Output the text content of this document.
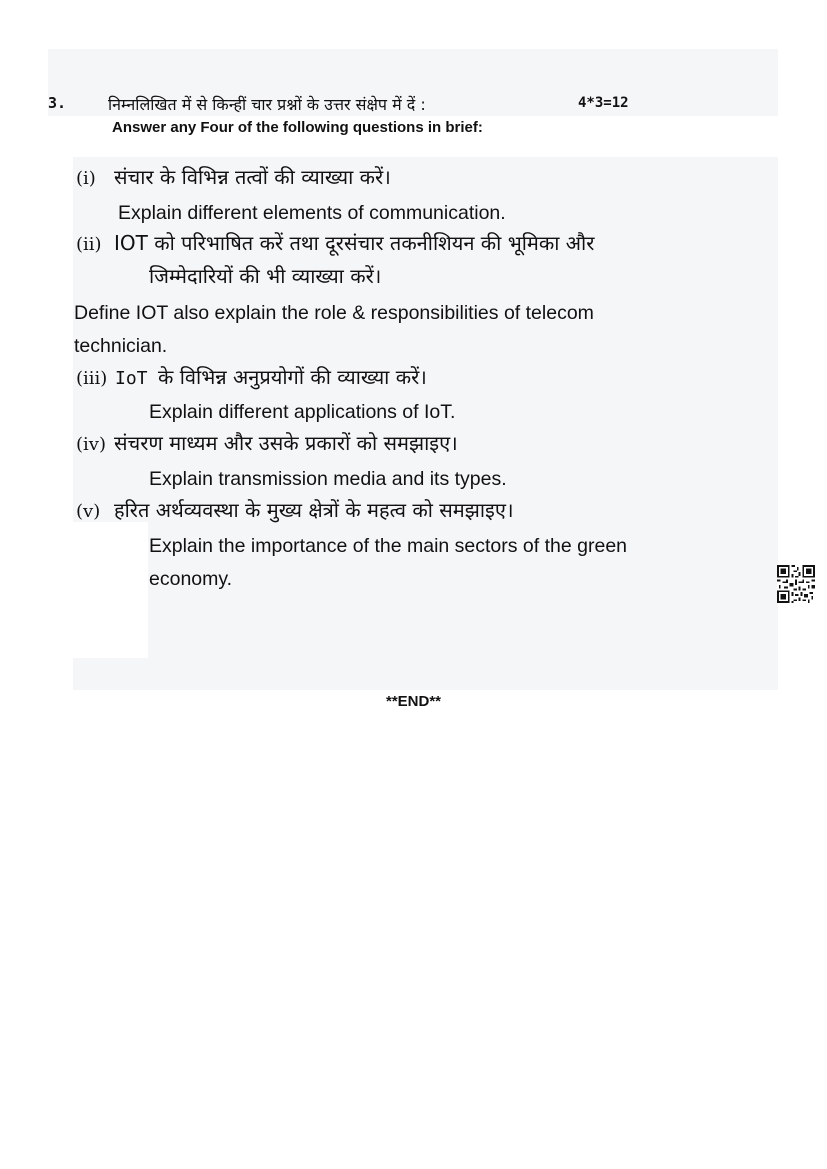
3.	निम्नलिखित में से किन्हीं चार प्रश्नों के उत्तर संक्षेप में दें :	4*3=12
Answer any Four of the following questions in brief:
(i) संचार के विभिन्न तत्वों की व्याख्या करें।
Explain different elements of communication.
(ii) IOT को परिभाषित करें तथा दूरसंचार तकनीशियन की भूमिका और
जिम्मेदारियों की भी व्याख्या करें।
Define IOT also explain the role & responsibilities of telecom
technician.
(iii) IoT के विभिन्न अनुप्रयोगों की व्याख्या करें।
Explain different applications of IoT.
(iv) संचरण माध्यम और उसके प्रकारों को समझाइए।
Explain transmission media and its types.
(v) हरित अर्थव्यवस्था के मुख्य क्षेत्रों के महत्व को समझाइए।
Explain the importance of the main sectors of the green
economy.
**END**
